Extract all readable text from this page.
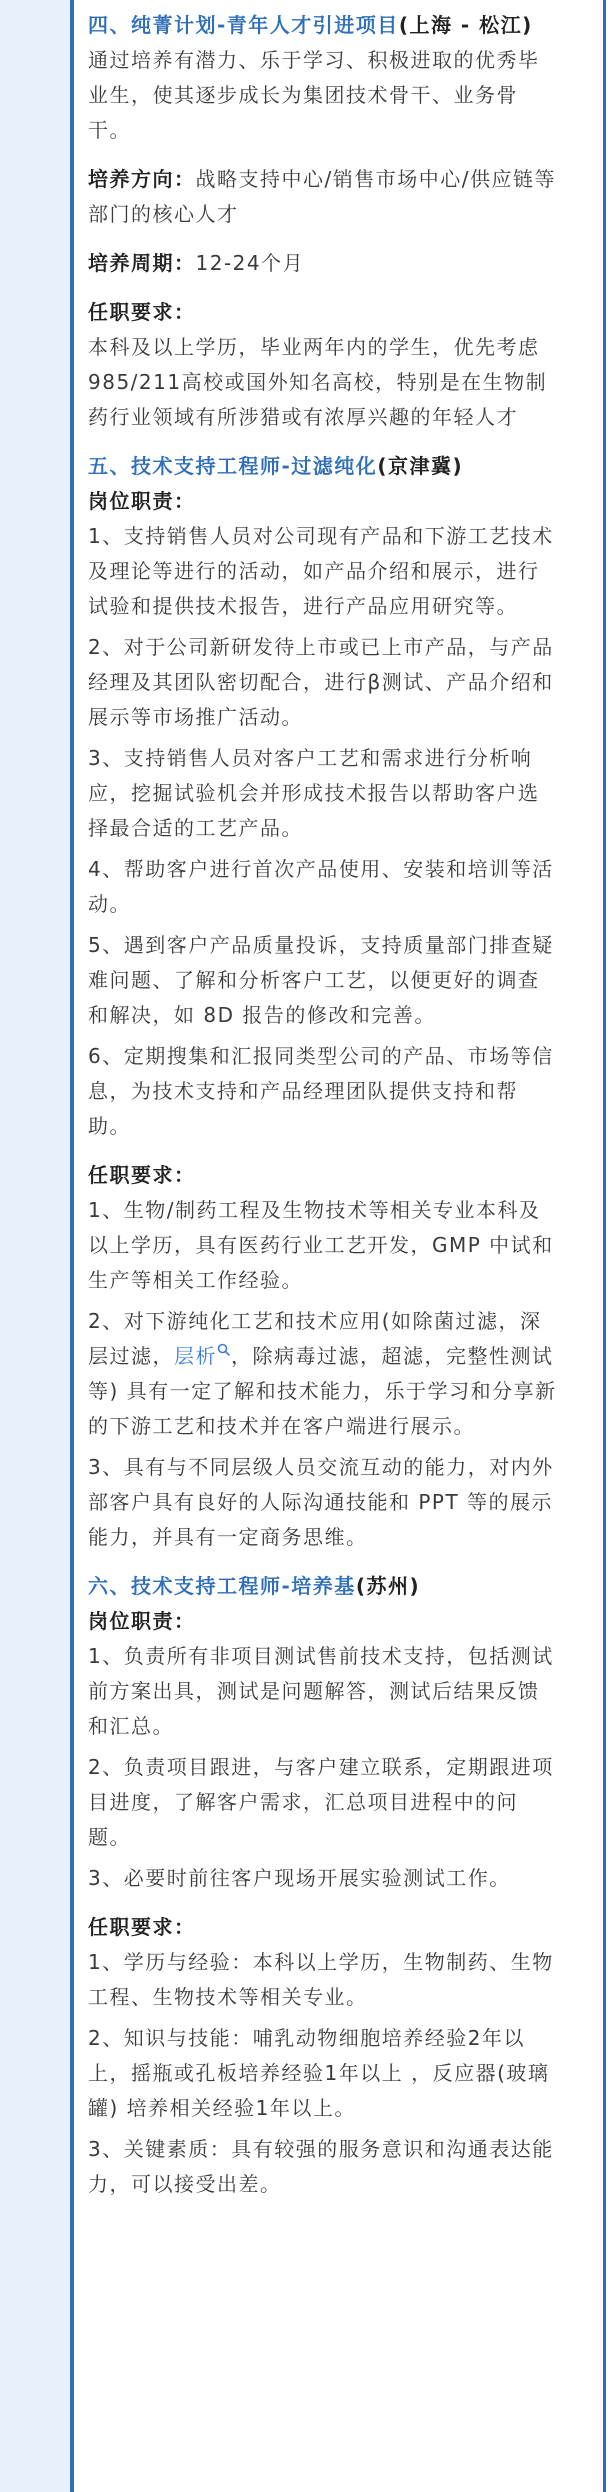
四、纯菁计划-青年人才引进项目(上海 - 松江)

通过培养有潜力、乐于学习、积极进取的优秀毕业生，使其逐步成长为集团技术骨干、业务骨干。

培养方向：战略支持中心/销售市场中心/供应链等部门的核心人才

培养周期：12-24个月

任职要求：

本科及以上学历，毕业两年内的学生，优先考虑985/211高校或国外知名高校，特别是在生物制药行业领域有所涉猎或有浓厚兴趣的年轻人才

五、技术支持工程师-过滤纯化(京津冀)

岗位职责：

1、支持销售人员对公司现有产品和下游工艺技术及理论等进行的活动，如产品介绍和展示，进行试验和提供技术报告，进行产品应用研究等。

2、对于公司新研发待上市或已上市产品，与产品经理及其团队密切配合，进行β测试、产品介绍和展示等市场推广活动。

3、支持销售人员对客户工艺和需求进行分析响应，挖掘试验机会并形成技术报告以帮助客户选择最合适的工艺产品。

4、帮助客户进行首次产品使用、安装和培训等活动。

5、遇到客户产品质量投诉，支持质量部门排查疑难问题、了解和分析客户工艺，以便更好的调查和解决，如 8D 报告的修改和完善。

6、定期搜集和汇报同类型公司的产品、市场等信息，为技术支持和产品经理团队提供支持和帮助。

任职要求：

1、生物/制药工程及生物技术等相关专业本科及以上学历，具有医药行业工艺开发，GMP 中试和生产等相关工作经验。

2、对下游纯化工艺和技术应用(如除菌过滤，深层过滤，层析 ，除病毒过滤，超滤，完整性测试等) 具有一定了解和技术能力，乐于学习和分享新的下游工艺和技术并在客户端进行展示。

3、具有与不同层级人员交流互动的能力，对内外部客户具有良好的人际沟通技能和 PPT 等的展示能力，并具有一定商务思维。

六、技术支持工程师-培养基(苏州)

岗位职责：

1、负责所有非项目测试售前技术支持，包括测试前方案出具，测试是问题解答，测试后结果反馈和汇总。

2、负责项目跟进，与客户建立联系，定期跟进项目进度，了解客户需求，汇总项目进程中的问题。

3、必要时前往客户现场开展实验测试工作。

任职要求：

1、学历与经验：本科以上学历，生物制药、生物工程、生物技术等相关专业。

2、知识与技能：哺乳动物细胞培养经验2年以上，摇瓶或孔板培养经验1年以上 ，反应器(玻璃罐) 培养相关经验1年以上。

3、关键素质：具有较强的服务意识和沟通表达能力，可以接受出差。
